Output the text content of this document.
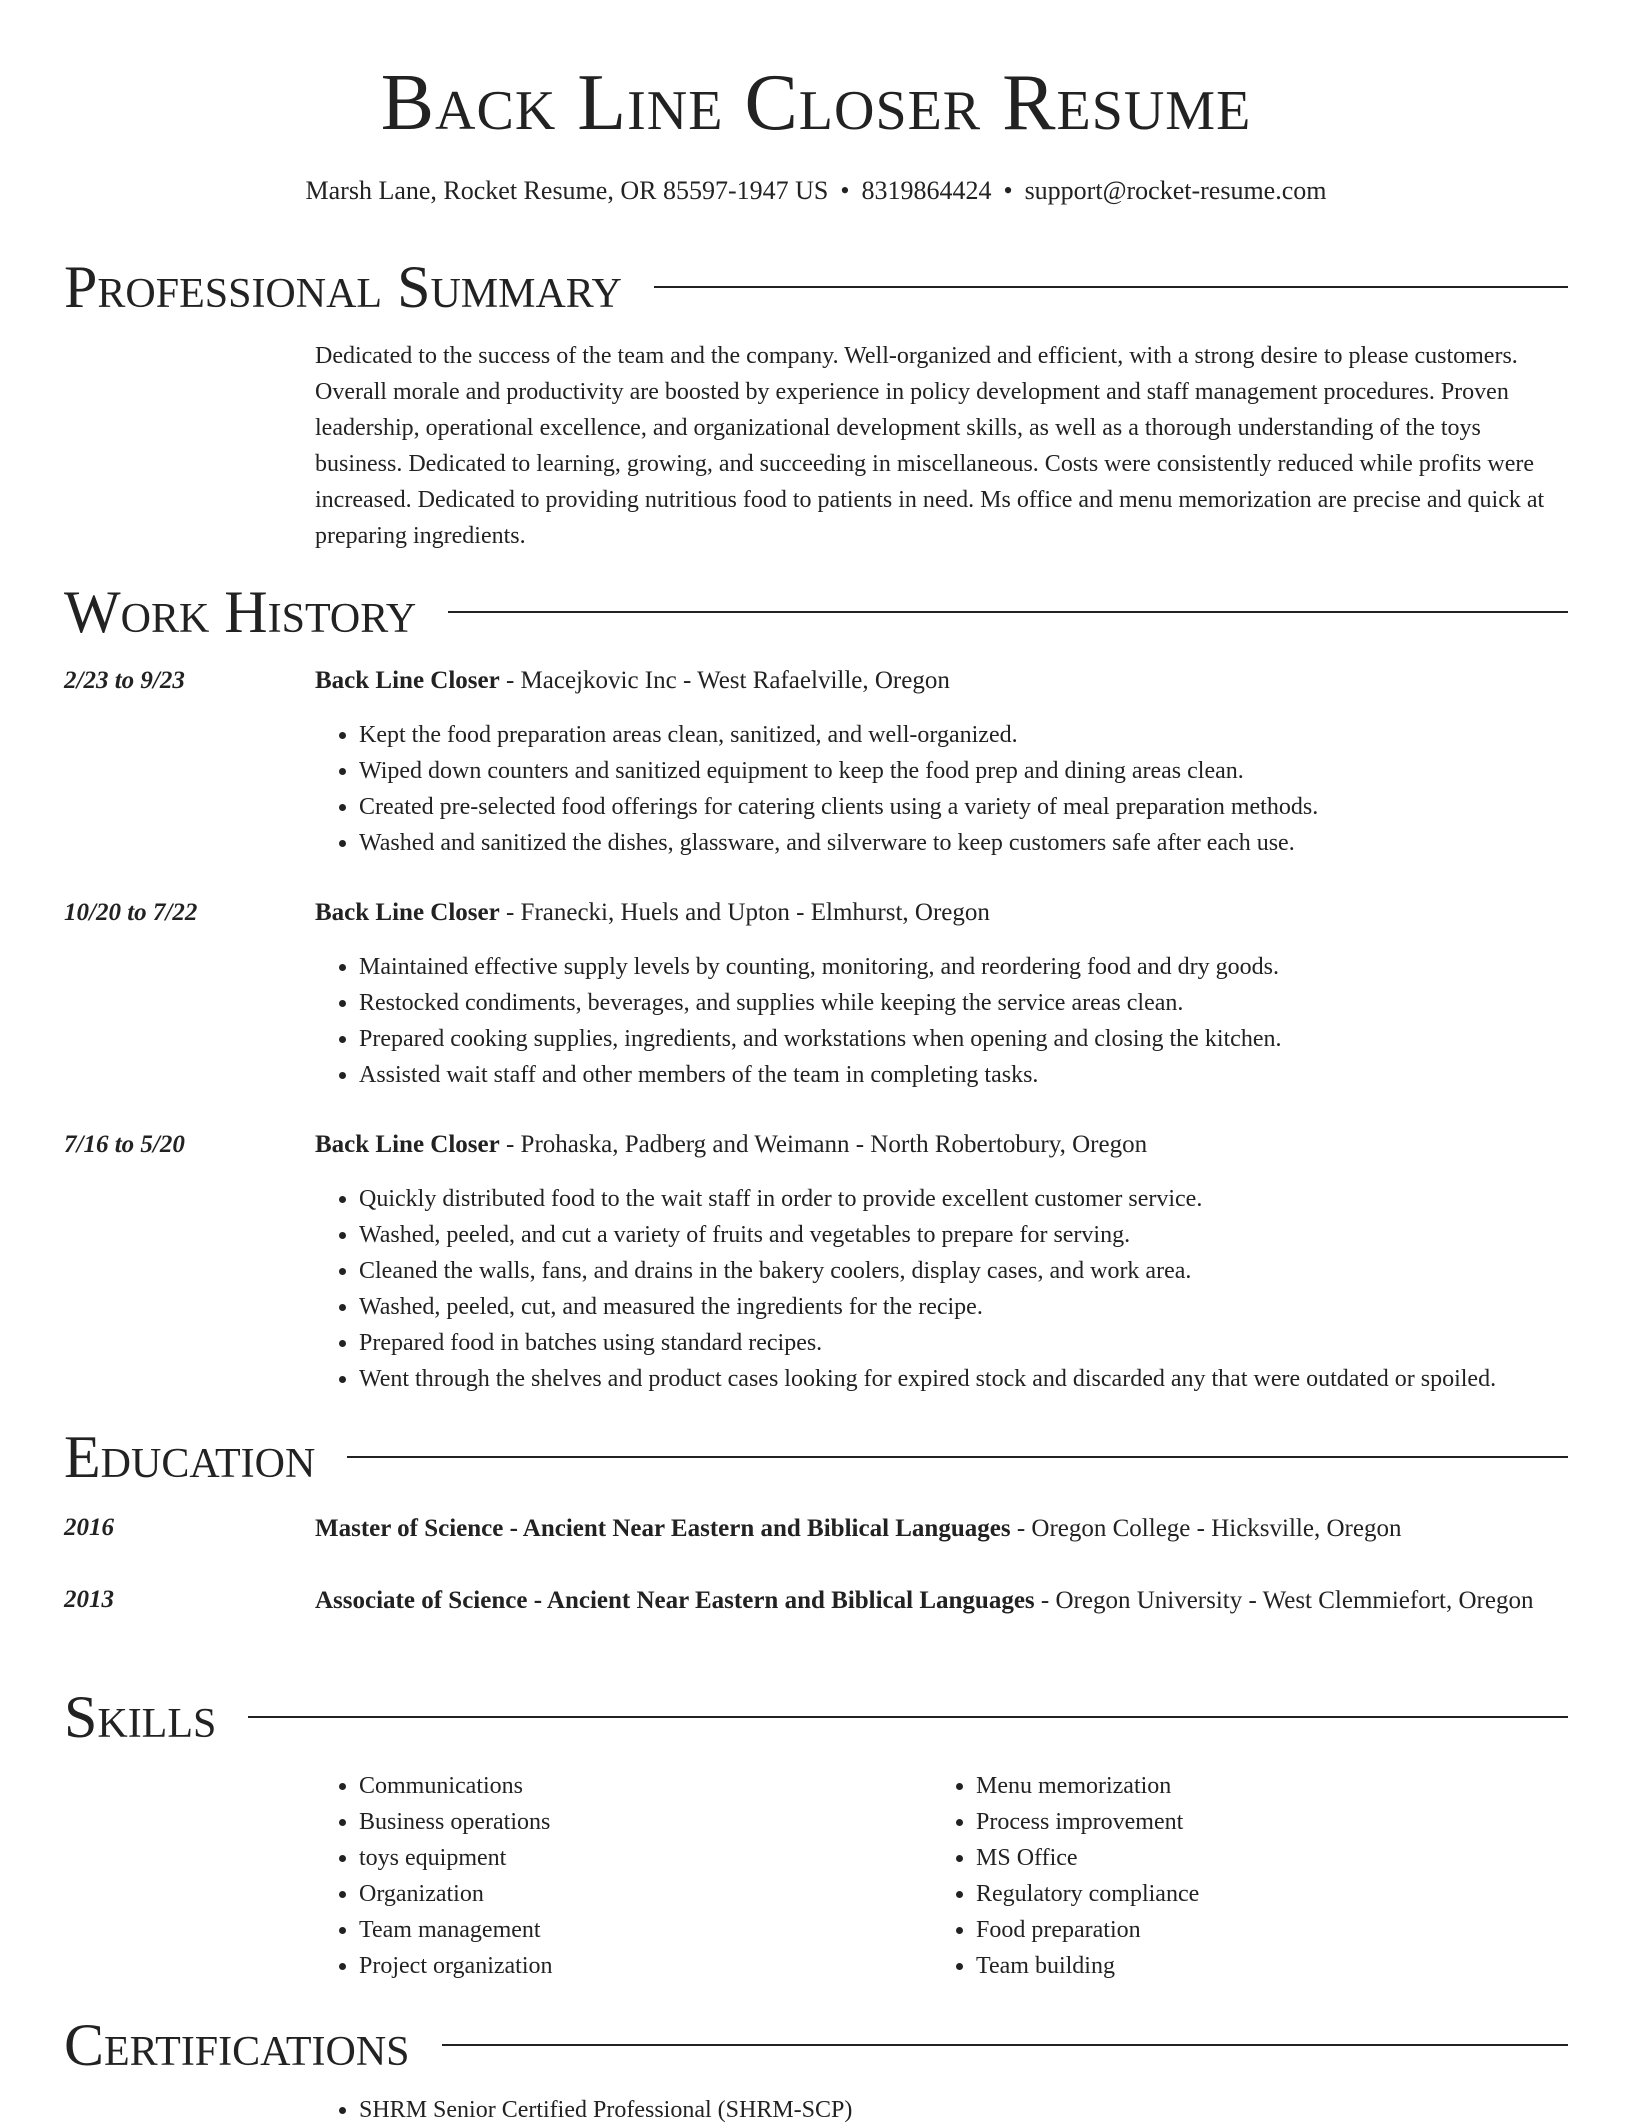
Back Line Closer Resume
Marsh Lane, Rocket Resume, OR 85597-1947 US • 8319864424 • support@rocket-resume.com
Professional Summary

Dedicated to the success of the team and the company. Well-organized and efficient, with a strong desire to please customers. Overall morale and productivity are boosted by experience in policy development and staff management procedures. Proven leadership, operational excellence, and organizational development skills, as well as a thorough understanding of the toys business. Dedicated to learning, growing, and succeeding in miscellaneous. Costs were consistently reduced while profits were increased. Dedicated to providing nutritious food to patients in need. Ms office and menu memorization are precise and quick at preparing ingredients.

Work History
2/23 to 9/23	Back Line Closer - Macejkovic Inc - West Rafaelville, Oregon
• Kept the food preparation areas clean, sanitized, and well-organized.
• Wiped down counters and sanitized equipment to keep the food prep and dining areas clean.
• Created pre-selected food offerings for catering clients using a variety of meal preparation methods.
• Washed and sanitized the dishes, glassware, and silverware to keep customers safe after each use.
10/20 to 7/22	Back Line Closer - Franecki, Huels and Upton - Elmhurst, Oregon
• Maintained effective supply levels by counting, monitoring, and reordering food and dry goods.
• Restocked condiments, beverages, and supplies while keeping the service areas clean.
• Prepared cooking supplies, ingredients, and workstations when opening and closing the kitchen.
• Assisted wait staff and other members of the team in completing tasks.
7/16 to 5/20	Back Line Closer - Prohaska, Padberg and Weimann - North Robertobury, Oregon
• Quickly distributed food to the wait staff in order to provide excellent customer service.
• Washed, peeled, and cut a variety of fruits and vegetables to prepare for serving.
• Cleaned the walls, fans, and drains in the bakery coolers, display cases, and work area.
• Washed, peeled, cut, and measured the ingredients for the recipe.
• Prepared food in batches using standard recipes.
• Went through the shelves and product cases looking for expired stock and discarded any that were outdated or spoiled.
Education
2016	Master of Science - Ancient Near Eastern and Biblical Languages - Oregon College - Hicksville, Oregon
2013	Associate of Science - Ancient Near Eastern and Biblical Languages - Oregon University - West Clemmiefort, Oregon
Skills
• Communications
• Business operations
• toys equipment
• Organization
• Team management
• Project organization
• Menu memorization
• Process improvement
• MS Office
• Regulatory compliance
• Food preparation
• Team building
Certifications
• SHRM Senior Certified Professional (SHRM-SCP)
